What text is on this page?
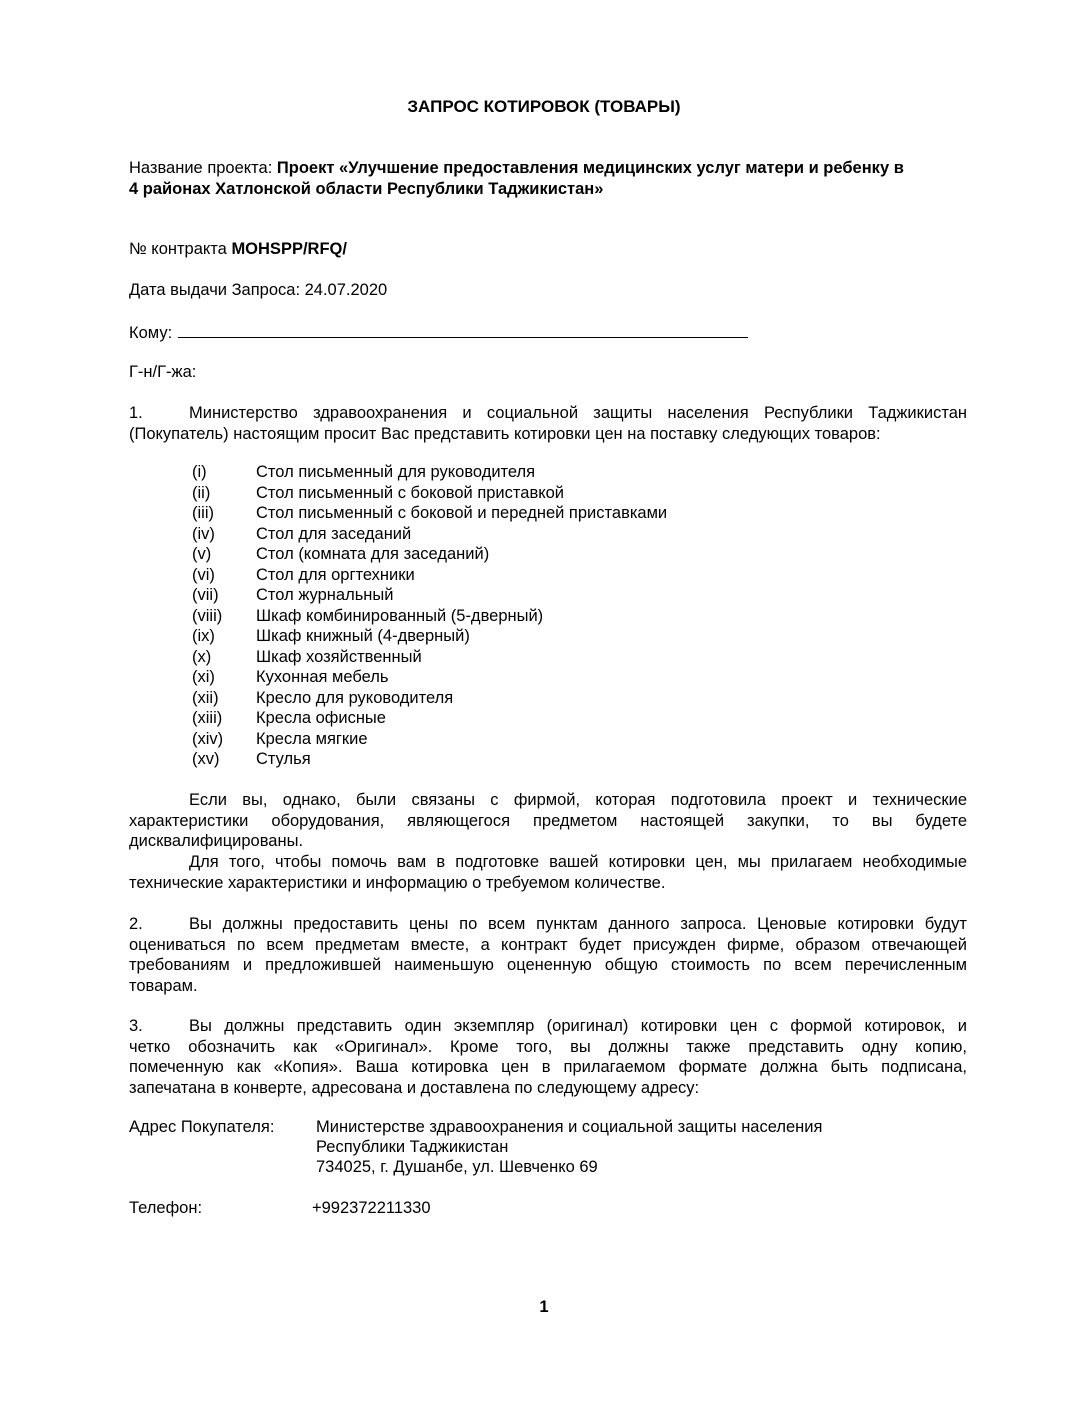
ЗАПРОС КОТИРОВОК (ТОВАРЫ)
Название проекта: Проект «Улучшение предоставления медицинских услуг матери и ребенку в
4 районах Хатлонской области Республики Таджикистан»
№ контракта MOHSPP/RFQ/
Дата выдачи Запроса: 24.07.2020
Кому:
Г-н/Г-жа:
1.	Министерство здравоохранения и социальной защиты населения Республики Таджикистан
(Покупатель) настоящим просит Вас представить котировки цен на поставку следующих товаров:
(i)	Стол письменный для руководителя
(ii)	Стол письменный с боковой приставкой
(iii)	Стол письменный с боковой и передней приставками
(iv) Стол для заседаний
(v)	Стол (комната для заседаний)
(vi) Стол для оргтехники
(vii) Стол журнальный
(viii) Шкаф комбинированный (5-дверный)
(ix) Шкаф книжный (4-дверный)
(x)	Шкаф хозяйственный
(xi) Кухонная мебель
(xii) Кресло для руководителя
(xiii) Кресла офисные
(xiv) Кресла мягкие
(xv) Стулья
Если вы, однако, были связаны с фирмой, которая подготовила проект и технические
характеристики оборудования, являющегося предметом настоящей закупки, то вы будете
дисквалифицированы.
Для того, чтобы помочь вам в подготовке вашей котировки цен, мы прилагаем необходимые
технические характеристики и информацию о требуемом количестве.
2.	Вы должны предоставить цены по всем пунктам данного запроса. Ценовые котировки будут
оцениваться по всем предметам вместе, а контракт будет присужден фирме, образом отвечающей
требованиям и предложившей наименьшую оцененную общую стоимость по всем перечисленным
товарам.
3.	Вы должны представить один экземпляр (оригинал) котировки цен с формой котировок, и
четко обозначить как «Оригинал». Кроме того, вы должны также представить одну копию,
помеченную как «Копия». Ваша котировка цен в прилагаемом формате должна быть подписана,
запечатана в конверте, адресована и доставлена по следующему адресу:
Адрес Покупателя:	Министерстве здравоохранения и социальной защиты населения
Республики Таджикистан
734025, г. Душанбе, ул. Шевченко 69
Телефон:	+992372211330
1
